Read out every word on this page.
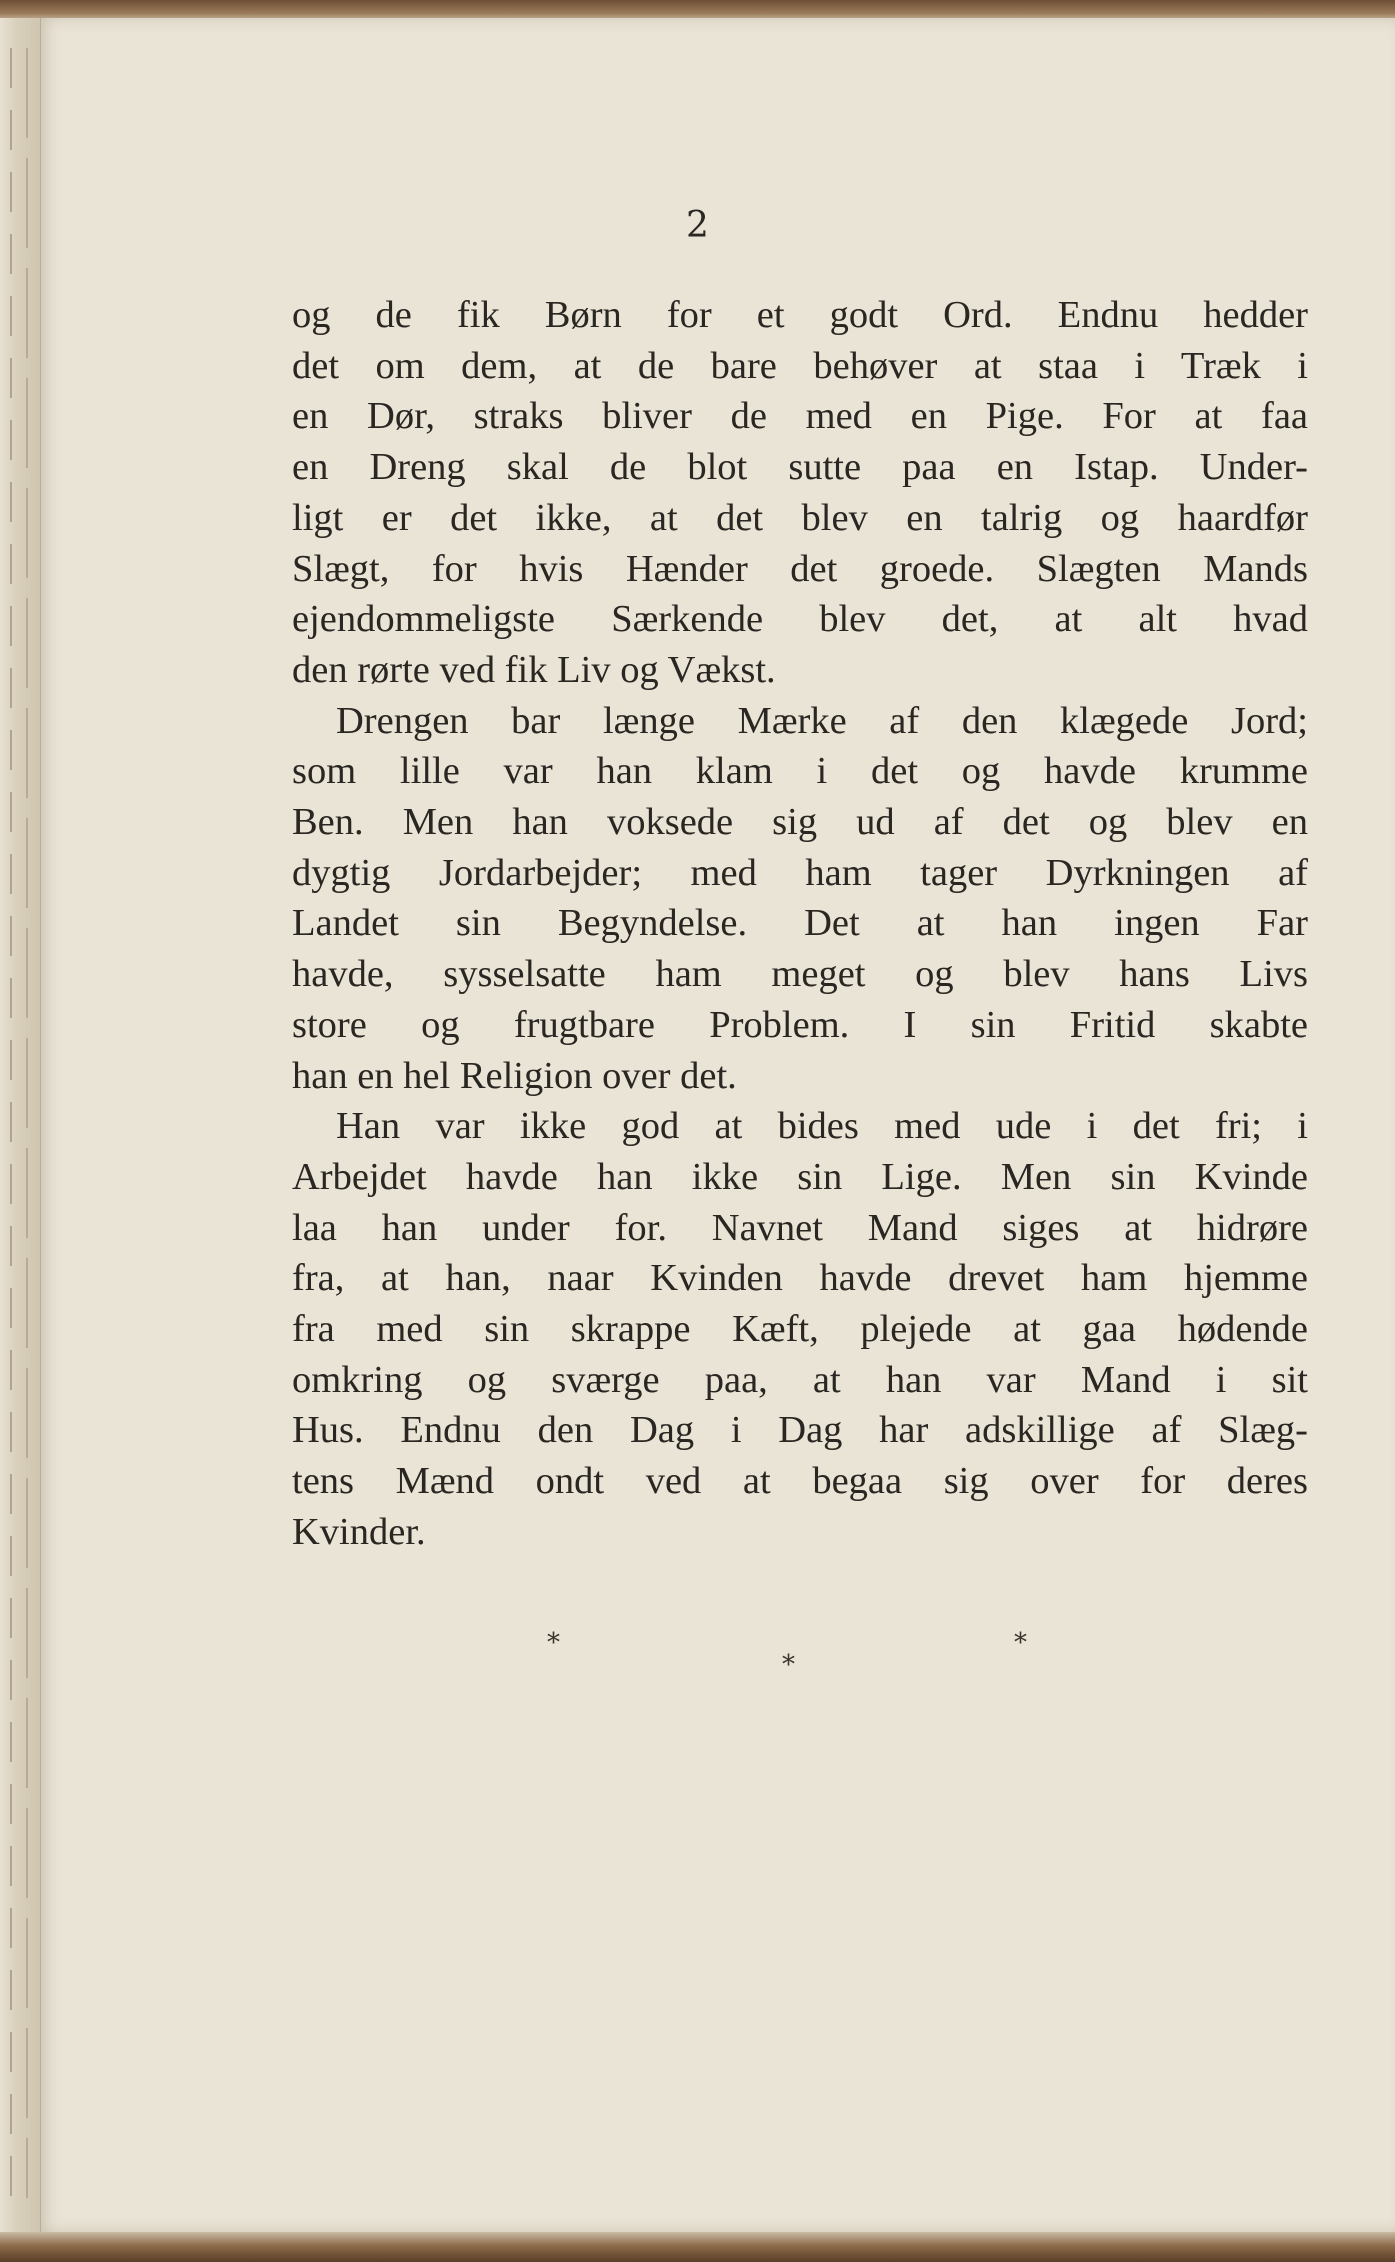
2

og de fik Børn for et godt Ord. Endnu hedder
det om dem, at de bare behøver at staa i Træk i
en Dør, straks bliver de med en Pige. For at faa
en Dreng skal de blot sutte paa en Istap. Under-
ligt er det ikke, at det blev en talrig og haardfør
Slægt, for hvis Hænder det groede. Slægten Mands
ejendommeligste Særkende blev det, at alt hvad
den rørte ved fik Liv og Vækst.
Drengen bar længe Mærke af den klægede Jord;
som lille var han klam i det og havde krumme
Ben. Men han voksede sig ud af det og blev en
dygtig Jordarbejder; med ham tager Dyrkningen af
Landet sin Begyndelse. Det at han ingen Far
havde, sysselsatte ham meget og blev hans Livs
store og frugtbare Problem. I sin Fritid skabte
han en hel Religion over det.
Han var ikke god at bides med ude i det fri; i
Arbejdet havde han ikke sin Lige. Men sin Kvinde
laa han under for. Navnet Mand siges at hidrøre
fra, at han, naar Kvinden havde drevet ham hjemme
fra med sin skrappe Kæft, plejede at gaa hødende
omkring og sværge paa, at han var Mand i sit
Hus. Endnu den Dag i Dag har adskillige af Slæg-
tens Mænd ondt ved at begaa sig over for deres
Kvinder.
*
*
*
